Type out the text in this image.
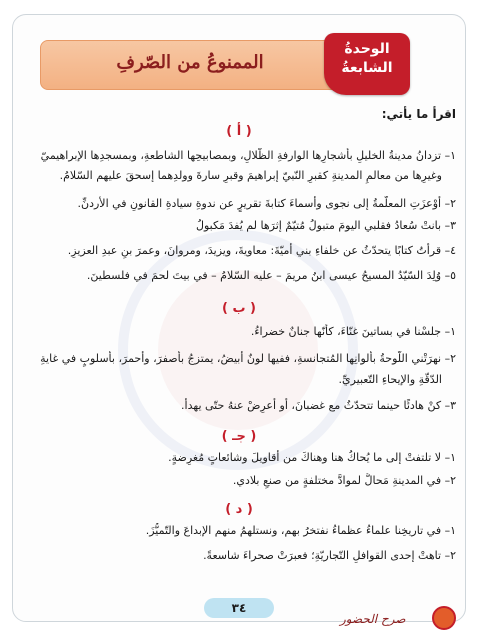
الممنوعُ من الصّرفِ
الوحدةُ
الشابعةُ
اقرأ ما يأتي:
( أ )
١– تزدانُ مدينةُ الخليلِ بأشجارِها الوارفةِ الظّلالِ، وبمصابيحِها الشاطعةِ، وبمسجدِها الإبراهيميّ
وغيرِها من معالمِ المدينةِ كقبرِ النّبيّ إبراهيمَ وقبرِ سارةَ وولدِهما إسحقَ عليهم السّلامُ.
٢– أوْعزَتِ المعلّمةُ إلى نجوى وأسماءَ كتابةَ تقريرٍ عن ندوةِ سيادةِ القانونِ في الأردنِّ.
٣– بانتْ سُعادُ فقلبي اليومَ متبولُ مُتيّمٌ إثرَها لم يُفدَ مَكبولُ
٤– قرأتُ كتابًا يتحدّثُ عن خلفاءِ بني أُميّةَ: معاويةَ، ويزيدَ، ومروانَ، وعمرَ بنِ عبدِ العزيزِ.
٥– وُلِدَ السّيّدُ المسيحُ عيسى ابنُ مريمَ – عليه السّلامُ – في بيتَ لحمَ في فلسطينَ.
( ب )
١– جلسْنا في بساتينَ غنّاءَ، كأنّها جنانٌ خضراءُ.
٢– نهرَتْني اللّوحةُ بألوانِها المُتجانسةِ، ففيها لونٌ أبيضُ، يمتزجُ بأصفرَ، وأحمرَ، بأسلوبٍ في غايةِ
الدّقّةِ والإيحاءِ التّعبيريِّ.
٣– كنْ هادئًا حينما تتحدّثُ مع غضبانَ، أو أعرِضْ عنهُ حتّى يهدأَ.
( جـ )
١– لا تلتفتْ إلى ما يُحاكُ هنا وهناكَ من أقاويلَ وشائعاتٍ مُغرِضةٍ.
٢– في المدينةِ مَحالُّ لموادَّ مختلفةٍ من صنعِ بلادي.
( د )
١– في تاريخِنا علماءُ عظماءُ نفتخرُ بهم، ونستلهمُ منهم الإبداعَ والتّميُّزَ.
٢– تاهتْ إحدى القوافلِ التّجاريّةِ؛ فعبرَتْ صحراءَ شاسعةً.
٣٤
صرح الحضور
